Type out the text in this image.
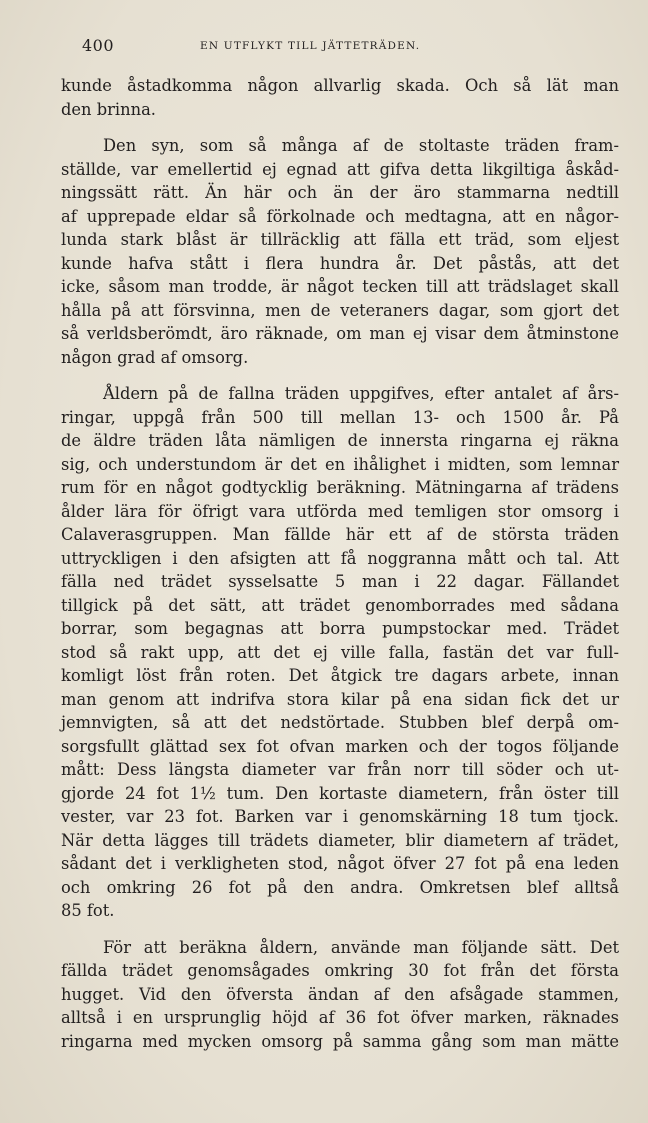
400	EN UTFLYKT TILL JÄTTETRÄDEN.
kunde åstadkomma någon allvarlig skada. Och så lät man
den brinna.
Den syn, som så många af de stoltaste träden fram-
ställde, var emellertid ej egnad att gifva detta likgiltiga åskåd-
ningssätt rätt. Än här och än der äro stammarna nedtill
af upprepade eldar så förkolnade och medtagna, att en någor-
lunda stark blåst är tillräcklig att fälla ett träd, som eljest
kunde hafva stått i flera hundra år. Det påstås, att det
icke, såsom man trodde, är något tecken till att trädslaget skall
hålla på att försvinna, men de veteraners dagar, som gjort det
så verldsberömdt, äro räknade, om man ej visar dem åtminstone
någon grad af omsorg.
Åldern på de fallna träden uppgifves, efter antalet af års-
ringar, uppgå från 500 till mellan 13- och 1500 år. På
de äldre träden låta nämligen de innersta ringarna ej räkna
sig, och understundom är det en ihålighet i midten, som lemnar
rum för en något godtycklig beräkning. Mätningarna af trädens
ålder lära för öfrigt vara utförda med temligen stor omsorg i
Calaverasgruppen. Man fällde här ett af de största träden
uttryckligen i den afsigten att få noggranna mått och tal. Att
fälla ned trädet sysselsatte 5 man i 22 dagar. Fällandet
tillgick på det sätt, att trädet genomborrades med sådana
borrar, som begagnas att borra pumpstockar med. Trädet
stod så rakt upp, att det ej ville falla, fastän det var full-
komligt löst från roten. Det åtgick tre dagars arbete, innan
man genom att indrifva stora kilar på ena sidan fick det ur
jemnvigten, så att det nedstörtade. Stubben blef derpå om-
sorgsfullt glättad sex fot ofvan marken och der togos följande
mått: Dess längsta diameter var från norr till söder och ut-
gjorde 24 fot 1½ tum. Den kortaste diametern, från öster till
vester, var 23 fot. Barken var i genomskärning 18 tum tjock.
När detta lägges till trädets diameter, blir diametern af trädet,
sådant det i verkligheten stod, något öfver 27 fot på ena leden
och omkring 26 fot på den andra. Omkretsen blef alltså
85 fot.
För att beräkna åldern, använde man följande sätt. Det
fällda trädet genomsågades omkring 30 fot från det första
hugget. Vid den öfversta ändan af den afsågade stammen,
alltså i en ursprunglig höjd af 36 fot öfver marken, räknades
ringarna med mycken omsorg på samma gång som man mätte
